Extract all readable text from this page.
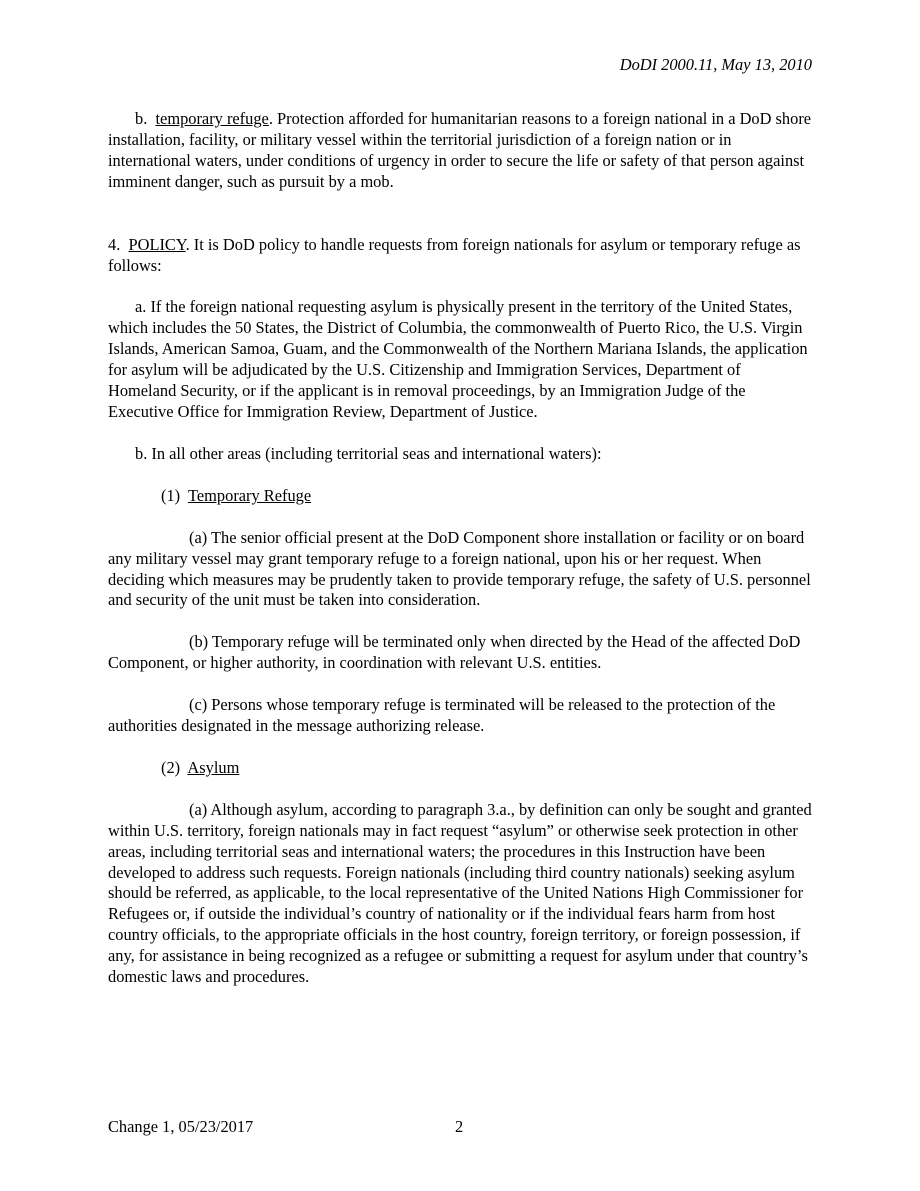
DoDI 2000.11, May 13, 2010

b. temporary refuge. Protection afforded for humanitarian reasons to a foreign national in a DoD shore installation, facility, or military vessel within the territorial jurisdiction of a foreign nation or in international waters, under conditions of urgency in order to secure the life or safety of that person against imminent danger, such as pursuit by a mob.

4. POLICY. It is DoD policy to handle requests from foreign nationals for asylum or temporary refuge as follows:

a. If the foreign national requesting asylum is physically present in the territory of the United States, which includes the 50 States, the District of Columbia, the commonwealth of Puerto Rico, the U.S. Virgin Islands, American Samoa, Guam, and the Commonwealth of the Northern Mariana Islands, the application for asylum will be adjudicated by the U.S. Citizenship and Immigration Services, Department of Homeland Security, or if the applicant is in removal proceedings, by an Immigration Judge of the Executive Office for Immigration Review, Department of Justice.

b. In all other areas (including territorial seas and international waters):

(1) Temporary Refuge

(a) The senior official present at the DoD Component shore installation or facility or on board any military vessel may grant temporary refuge to a foreign national, upon his or her request. When deciding which measures may be prudently taken to provide temporary refuge, the safety of U.S. personnel and security of the unit must be taken into consideration.

(b) Temporary refuge will be terminated only when directed by the Head of the affected DoD Component, or higher authority, in coordination with relevant U.S. entities.

(c) Persons whose temporary refuge is terminated will be released to the protection of the authorities designated in the message authorizing release.

(2) Asylum

(a) Although asylum, according to paragraph 3.a., by definition can only be sought and granted within U.S. territory, foreign nationals may in fact request “asylum” or otherwise seek protection in other areas, including territorial seas and international waters; the procedures in this Instruction have been developed to address such requests. Foreign nationals (including third country nationals) seeking asylum should be referred, as applicable, to the local representative of the United Nations High Commissioner for Refugees or, if outside the individual’s country of nationality or if the individual fears harm from host country officials, to the appropriate officials in the host country, foreign territory, or foreign possession, if any, for assistance in being recognized as a refugee or submitting a request for asylum under that country’s domestic laws and procedures.

Change 1, 05/23/2017	2
